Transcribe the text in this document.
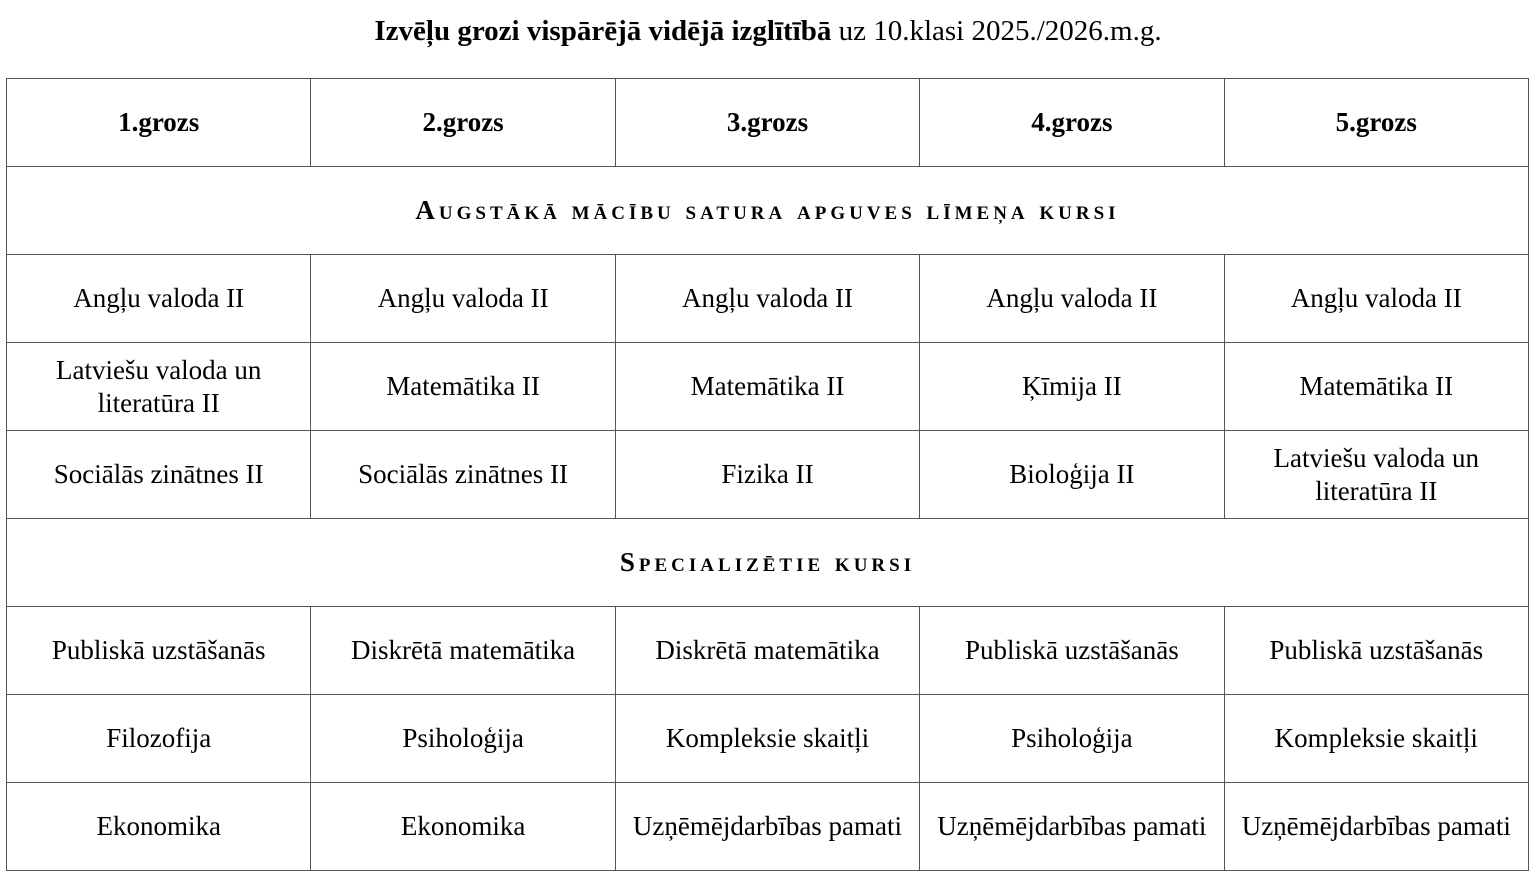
Izvēļu grozi vispārējā vidējā izglītībā uz 10.klasi 2025./2026.m.g.
1.grozs	2.grozs	3.grozs	4.grozs	5.grozs
Augstākā mācību satura apguves līmeņa kursi				
Angļu valoda II	Angļu valoda II	Angļu valoda II	Angļu valoda II	Angļu valoda II
Latviešu valoda un literatūra II	Matemātika II	Matemātika II	Ķīmija II	Matemātika II
Sociālās zinātnes II	Sociālās zinātnes II	Fizika II	Bioloģija II	Latviešu valoda un literatūra II
Specializētie kursi				
Publiskā uzstāšanās	Diskrētā matemātika	Diskrētā matemātika	Publiskā uzstāšanās	Publiskā uzstāšanās
Filozofija	Psiholoģija	Kompleksie skaitļi	Psiholoģija	Kompleksie skaitļi
Ekonomika	Ekonomika	Uzņēmējdarbības pamati	Uzņēmējdarbības pamati	Uzņēmējdarbības pamati
